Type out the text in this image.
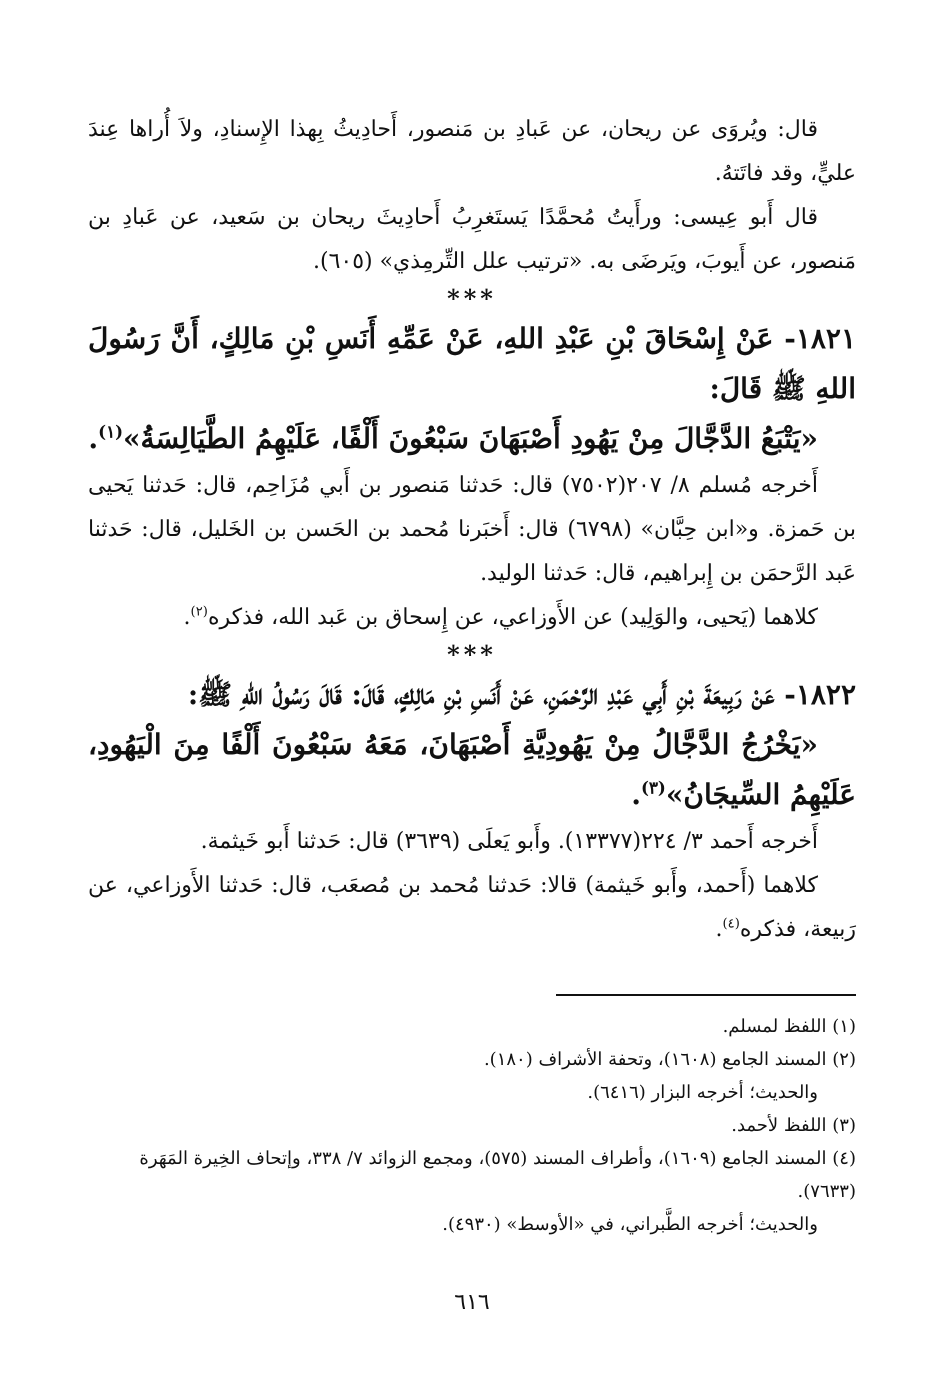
قال: ويُروَى عن ريحان، عن عَبادِ بن مَنصور، أَحادِيثُ بِهذا الإِسنادِ، ولاَ أُراها عِندَ عليٍّ، وقد فاتَتهُ.

قال أَبو عِيسى: ورأَيتُ مُحمَّدًا يَستَغرِبُ أَحادِيثَ ريحان بن سَعيد، عن عَبادِ بن مَنصور، عن أَيوبَ، ويَرضَى به. «ترتيب علل التِّرمِذي» (٦٠٥).

***

١٨٢١- عَنْ إِسْحَاقَ بْنِ عَبْدِ اللهِ، عَنْ عَمِّهِ أَنَسِ بْنِ مَالِكٍ، أَنَّ رَسُولَ اللهِ ﷺ قَالَ:

«يَتْبَعُ الدَّجَّالَ مِنْ يَهُودِ أَصْبَهَانَ سَبْعُونَ أَلْفًا، عَلَيْهِمُ الطَّيَالِسَةُ»$^{(١)}$.

أَخرجه مُسلم ٨/ ٢٠٧(٧٥٠٢) قال: حَدثنا مَنصور بن أَبي مُزَاحِم، قال: حَدثنا يَحيى بن حَمزة. و«ابن حِبَّان» (٦٧٩٨) قال: أَخبَرنا مُحمد بن الحَسن بن الخَليل، قال: حَدثنا عَبد الرَّحمَن بن إِبراهيم، قال: حَدثنا الوليد.

كلاهما (يَحيى، والوَلِيد) عن الأَوزاعي، عن إِسحاق بن عَبد الله، فذكره$^{(٢)}$.

***

١٨٢٢- عَنْ رَبِيعَةَ بْنِ أَبِي عَبْدِ الرَّحْمَنِ، عَنْ أَنَسِ بْنِ مَالِكٍ، قَالَ: قَالَ رَسُولُ اللهِ ﷺ:

«يَخْرُجُ الدَّجَّالُ مِنْ يَهُودِيَّةِ أَصْبَهَانَ، مَعَهُ سَبْعُونَ أَلْفًا مِنَ الْيَهُودِ، عَلَيْهِمُ السِّيجَانُ»$^{(٣)}$.

أَخرجه أَحمد ٣/ ٢٢٤(١٣٣٧٧). وأَبو يَعلَى (٣٦٣٩) قال: حَدثنا أَبو خَيثمة.

كلاهما (أَحمد، وأَبو خَيثمة) قالا: حَدثنا مُحمد بن مُصعَب، قال: حَدثنا الأَوزاعي، عن رَبيعة، فذكره$^{(٤)}$.

(١) اللفظ لمسلم.

(٢) المسند الجامع (١٦٠٨)، وتحفة الأشراف (١٨٠).

والحديث؛ أخرجه البزار (٦٤١٦).

(٣) اللفظ لأحمد.

(٤) المسند الجامع (١٦٠٩)، وأطراف المسند (٥٧٥)، ومجمع الزوائد ٧/ ٣٣٨، وإتحاف الخِيرة المَهَرة (٧٦٣٣).

والحديث؛ أخرجه الطَّبراني، في «الأوسط» (٤٩٣٠).

٦١٦
